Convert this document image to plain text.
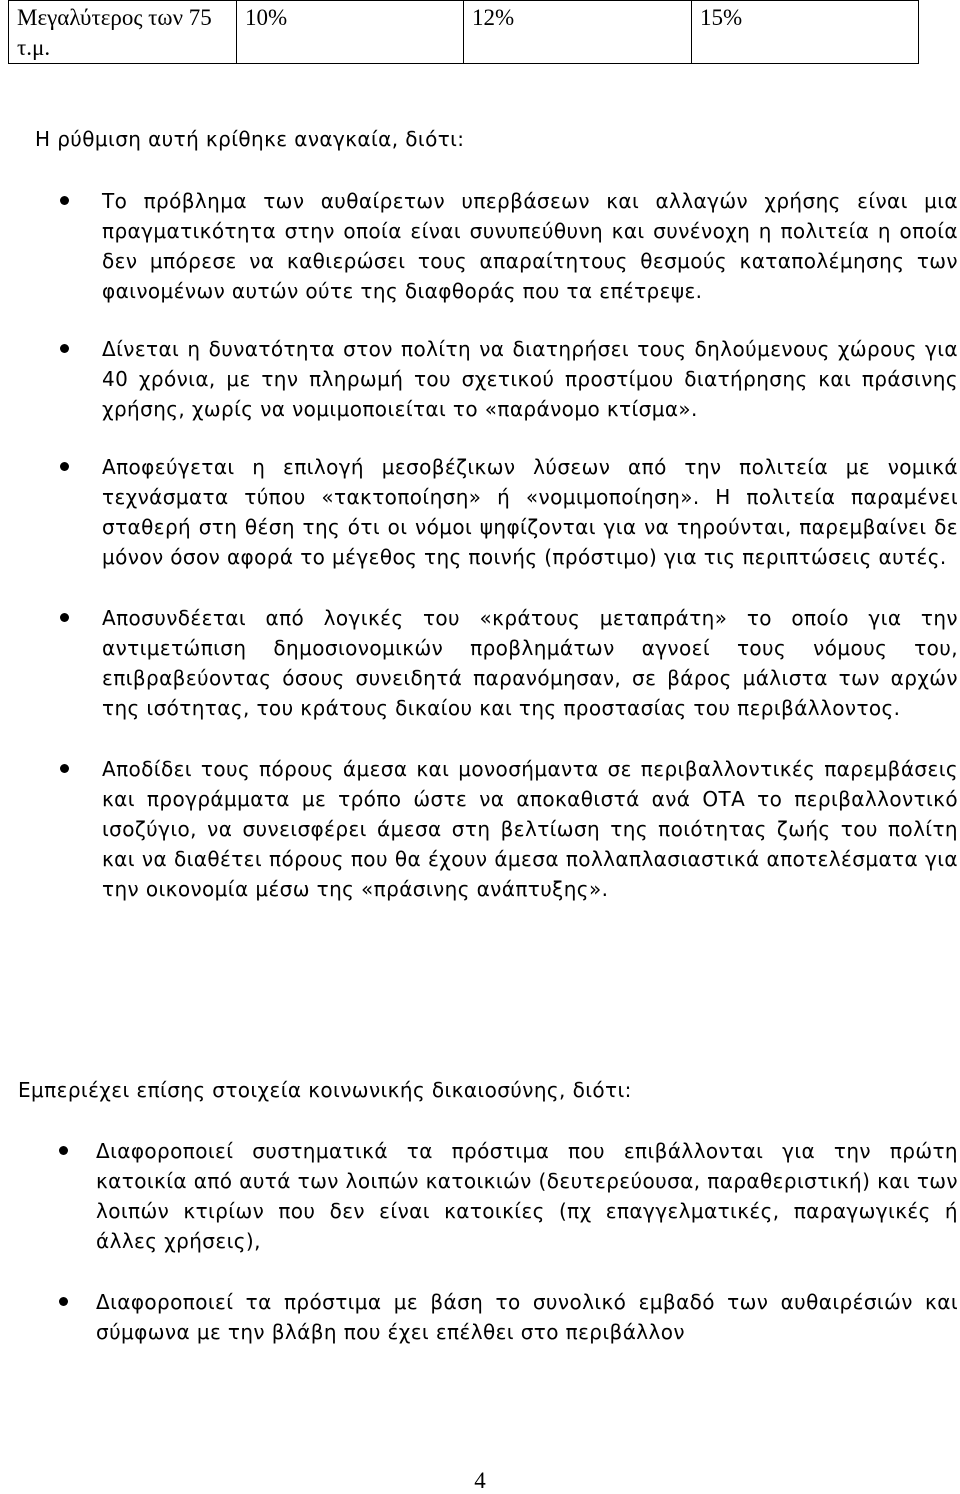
Μεγαλύτερος των 75 τ.μ.	10%	12%	15%
Η ρύθμιση αυτή κρίθηκε αναγκαία, διότι:
Το πρόβλημα των αυθαίρετων υπερβάσεων και αλλαγών χρήσης είναι μια πραγματικότητα στην οποία είναι συνυπεύθυνη και συνένοχη η πολιτεία η οποία δεν μπόρεσε να καθιερώσει τους απαραίτητους θεσμούς καταπολέμησης των φαινομένων αυτών ούτε της διαφθοράς που τα επέτρεψε.
Δίνεται η δυνατότητα στον πολίτη να διατηρήσει τους δηλούμενους χώρους για 40 χρόνια, με την πληρωμή του σχετικού προστίμου διατήρησης και πράσινης χρήσης, χωρίς να νομιμοποιείται το «παράνομο κτίσμα».
Αποφεύγεται η επιλογή μεσοβέζικων λύσεων από την πολιτεία με νομικά τεχνάσματα τύπου «τακτοποίηση» ή «νομιμοποίηση». Η πολιτεία παραμένει σταθερή στη θέση της ότι οι νόμοι ψηφίζονται για να τηρούνται, παρεμβαίνει δε μόνον όσον αφορά το μέγεθος της ποινής (πρόστιμο) για τις περιπτώσεις αυτές.
Αποσυνδέεται από λογικές του «κράτους μεταπράτη» το οποίο για την αντιμετώπιση δημοσιονομικών προβλημάτων αγνοεί τους νόμους του, επιβραβεύοντας όσους συνειδητά παρανόμησαν, σε βάρος μάλιστα των αρχών της ισότητας, του κράτους δικαίου και της προστασίας του περιβάλλοντος.
Αποδίδει τους πόρους άμεσα και μονοσήμαντα σε περιβαλλοντικές παρεμβάσεις και προγράμματα με τρόπο ώστε να αποκαθιστά ανά ΟΤΑ το περιβαλλοντικό ισοζύγιο, να συνεισφέρει άμεσα στη βελτίωση της ποιότητας ζωής του πολίτη και να διαθέτει πόρους που θα έχουν άμεσα πολλαπλασιαστικά αποτελέσματα για την οικονομία μέσω της «πράσινης ανάπτυξης».
Εμπεριέχει επίσης στοιχεία κοινωνικής δικαιοσύνης, διότι:
Διαφοροποιεί συστηματικά τα πρόστιμα που επιβάλλονται για την πρώτη κατοικία από αυτά των λοιπών κατοικιών (δευτερεύουσα, παραθεριστική) και των λοιπών κτιρίων που δεν είναι κατοικίες (πχ επαγγελματικές, παραγωγικές ή άλλες χρήσεις),
Διαφοροποιεί τα πρόστιμα με βάση το συνολικό εμβαδό των αυθαιρέσιών και σύμφωνα με την βλάβη που έχει επέλθει στο περιβάλλον
4
